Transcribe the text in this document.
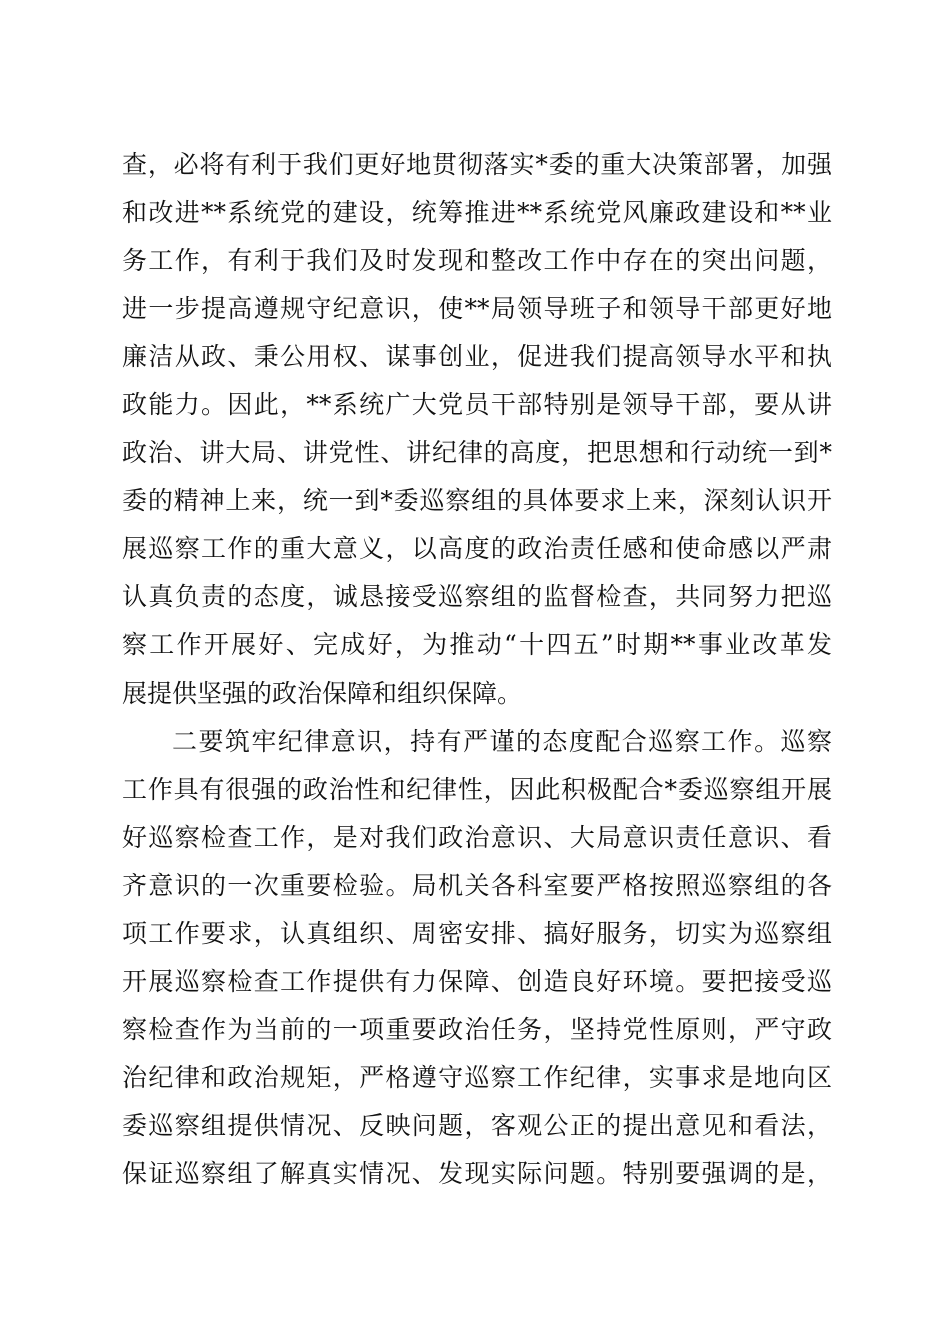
查，必将有利于我们更好地贯彻落实*委的重大决策部署，加强
和改进**系统党的建设，统筹推进**系统党风廉政建设和**业
务工作，有利于我们及时发现和整改工作中存在的突出问题，
进一步提高遵规守纪意识，使**局领导班子和领导干部更好地
廉洁从政、秉公用权、谋事创业，促进我们提高领导水平和执
政能力。因此，**系统广大党员干部特别是领导干部，要从讲
政治、讲大局、讲党性、讲纪律的高度，把思想和行动统一到*
委的精神上来，统一到*委巡察组的具体要求上来，深刻认识开
展巡察工作的重大意义，以高度的政治责任感和使命感以严肃
认真负责的态度，诚恳接受巡察组的监督检查，共同努力把巡
察工作开展好、完成好，为推动“十四五”时期**事业改革发
展提供坚强的政治保障和组织保障。
二要筑牢纪律意识，持有严谨的态度配合巡察工作。巡察
工作具有很强的政治性和纪律性，因此积极配合*委巡察组开展
好巡察检查工作，是对我们政治意识、大局意识责任意识、看
齐意识的一次重要检验。局机关各科室要严格按照巡察组的各
项工作要求，认真组织、周密安排、搞好服务，切实为巡察组
开展巡察检查工作提供有力保障、创造良好环境。要把接受巡
察检查作为当前的一项重要政治任务，坚持党性原则，严守政
治纪律和政治规矩，严格遵守巡察工作纪律，实事求是地向区
委巡察组提供情况、反映问题，客观公正的提出意见和看法，
保证巡察组了解真实情况、发现实际问题。特别要强调的是，
